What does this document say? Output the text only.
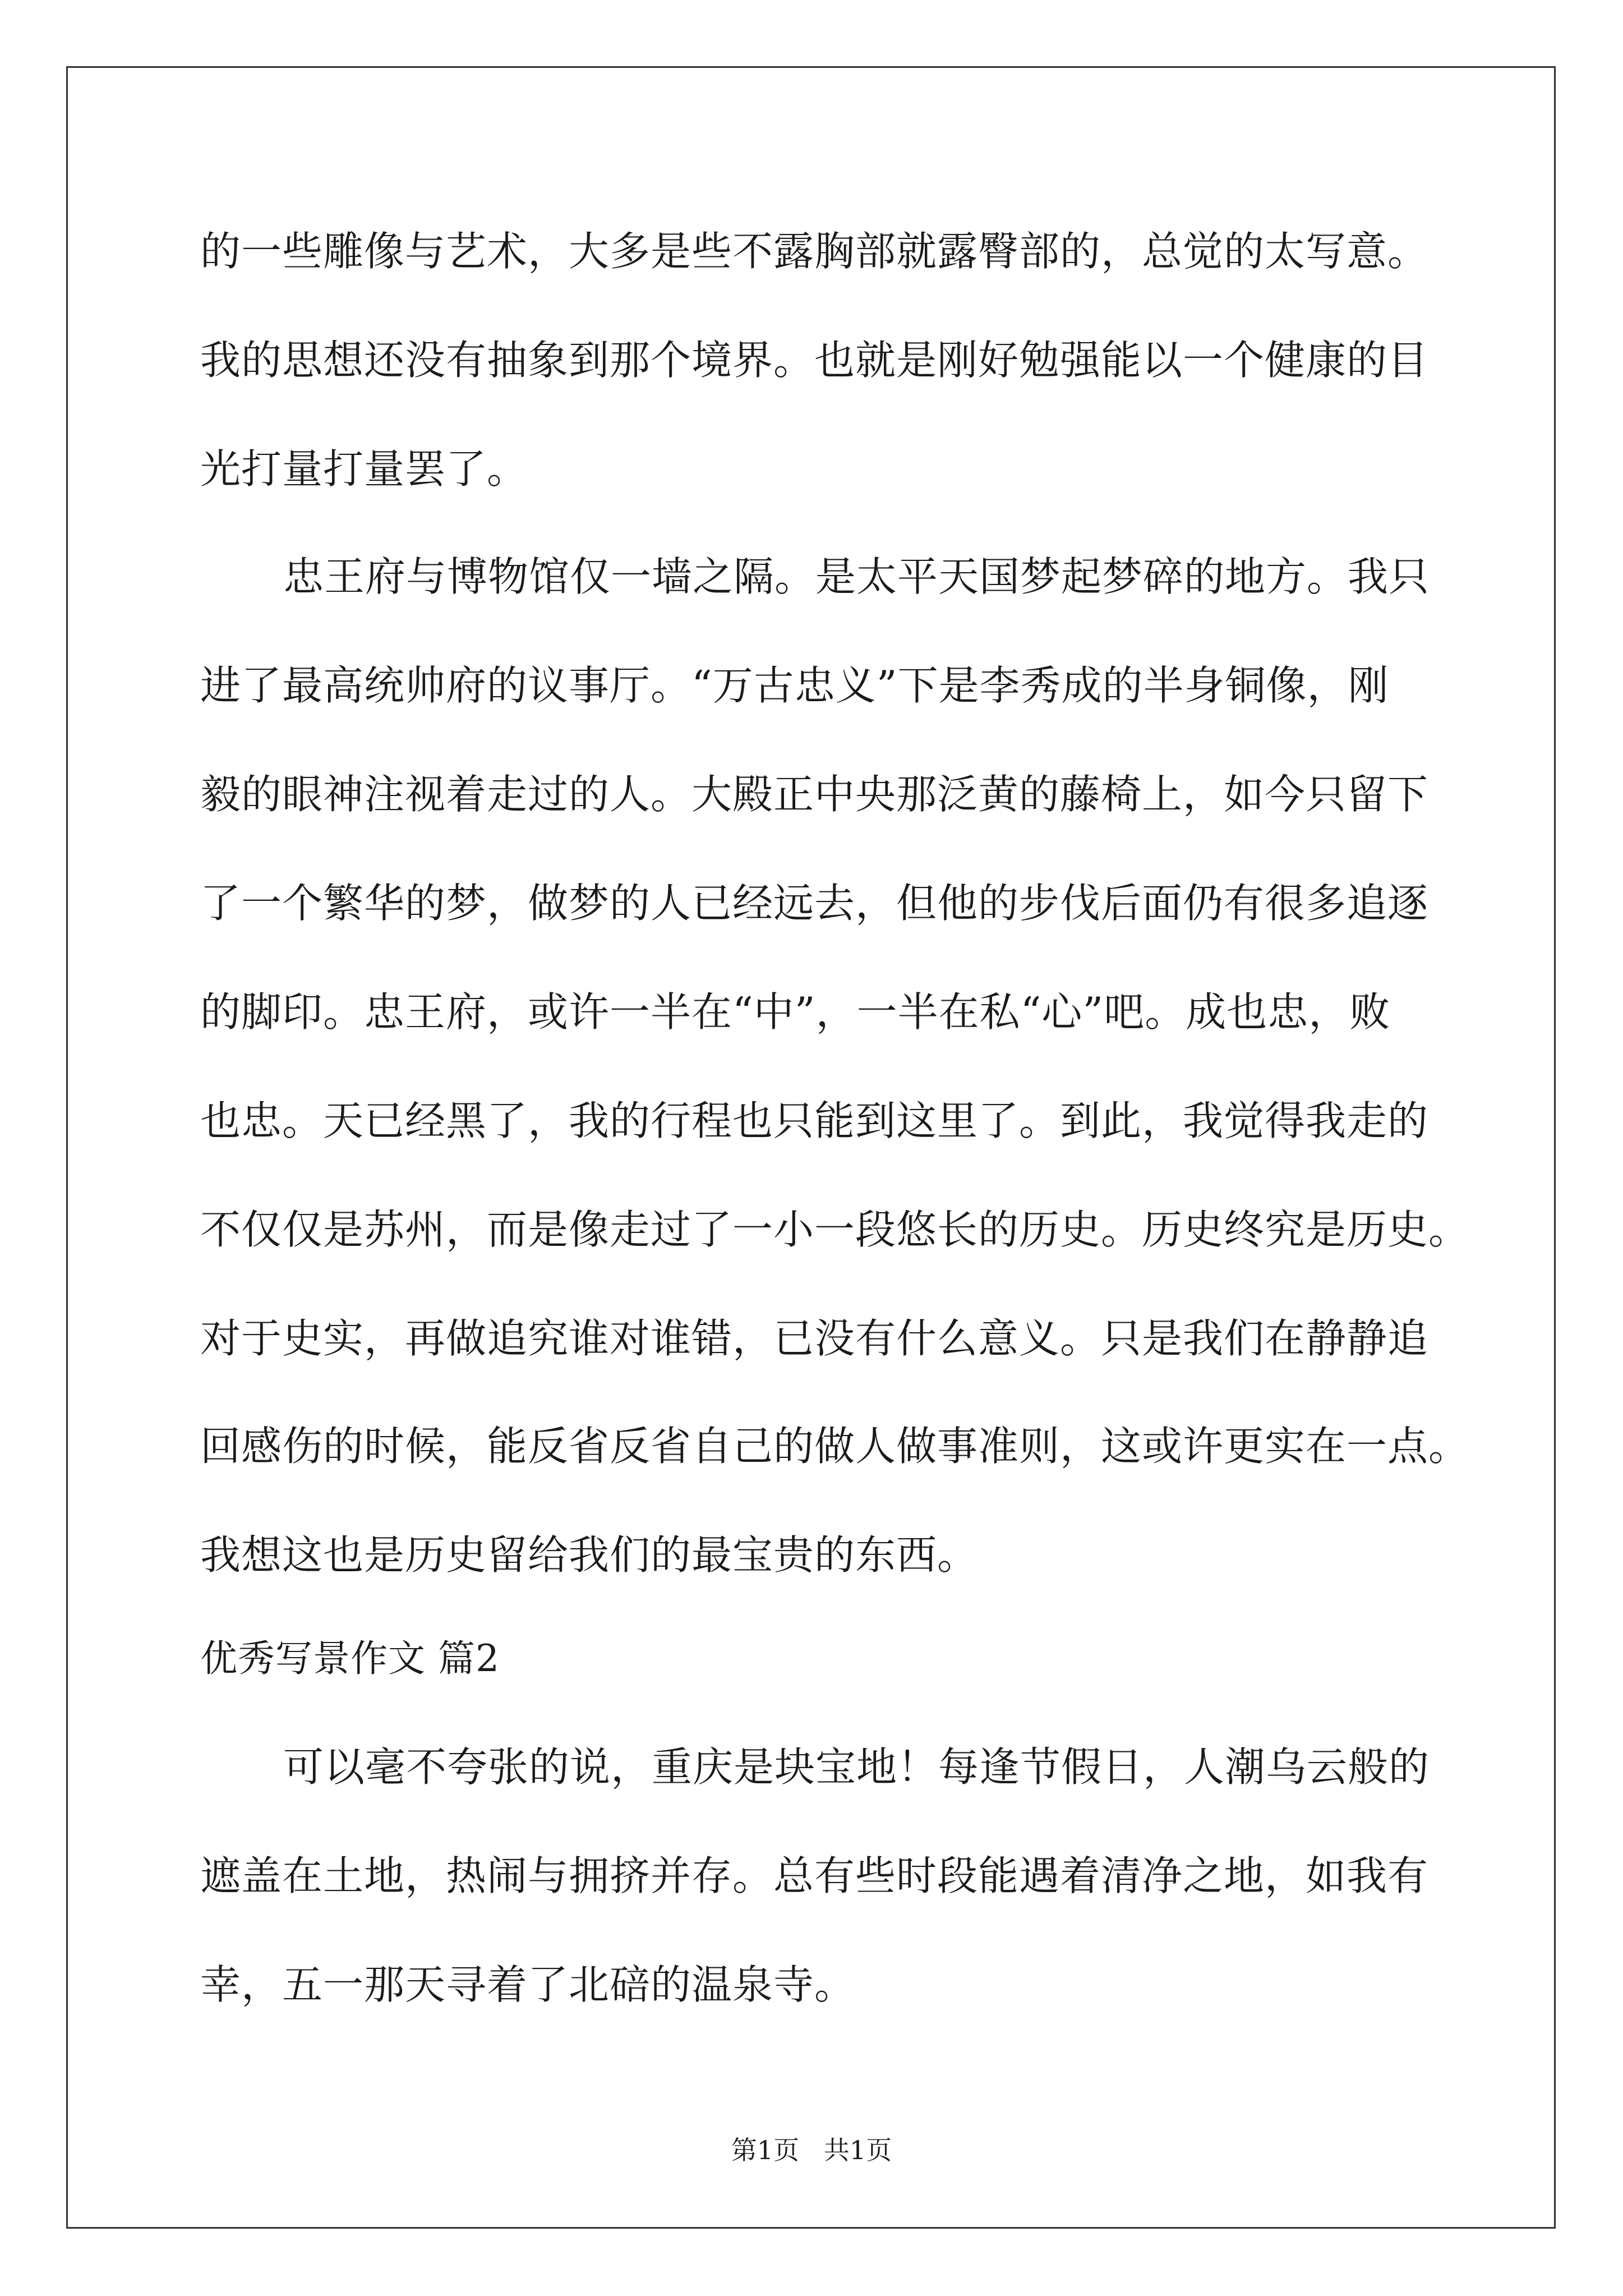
的一些雕像与艺术，大多是些不露胸部就露臀部的，总觉的太写意。
我的思想还没有抽象到那个境界。也就是刚好勉强能以一个健康的目
光打量打量罢了。
忠王府与博物馆仅一墙之隔。是太平天国梦起梦碎的地方。我只
进了最高统帅府的议事厅。“万古忠义”下是李秀成的半身铜像，刚
毅的眼神注视着走过的人。大殿正中央那泛黄的藤椅上，如今只留下
了一个繁华的梦，做梦的人已经远去，但他的步伐后面仍有很多追逐
的脚印。忠王府，或许一半在“中”，一半在私“心”吧。成也忠，败
也忠。天已经黑了，我的行程也只能到这里了。到此，我觉得我走的
不仅仅是苏州，而是像走过了一小一段悠长的历史。历史终究是历史。
对于史实，再做追究谁对谁错，已没有什么意义。只是我们在静静追
回感伤的时候，能反省反省自己的做人做事准则，这或许更实在一点。
我想这也是历史留给我们的最宝贵的东西。
优秀写景作文 篇2
可以毫不夸张的说，重庆是块宝地！每逢节假日，人潮乌云般的
遮盖在土地，热闹与拥挤并存。总有些时段能遇着清净之地，如我有
幸，五一那天寻着了北碚的温泉寺。
第1页   共1页
